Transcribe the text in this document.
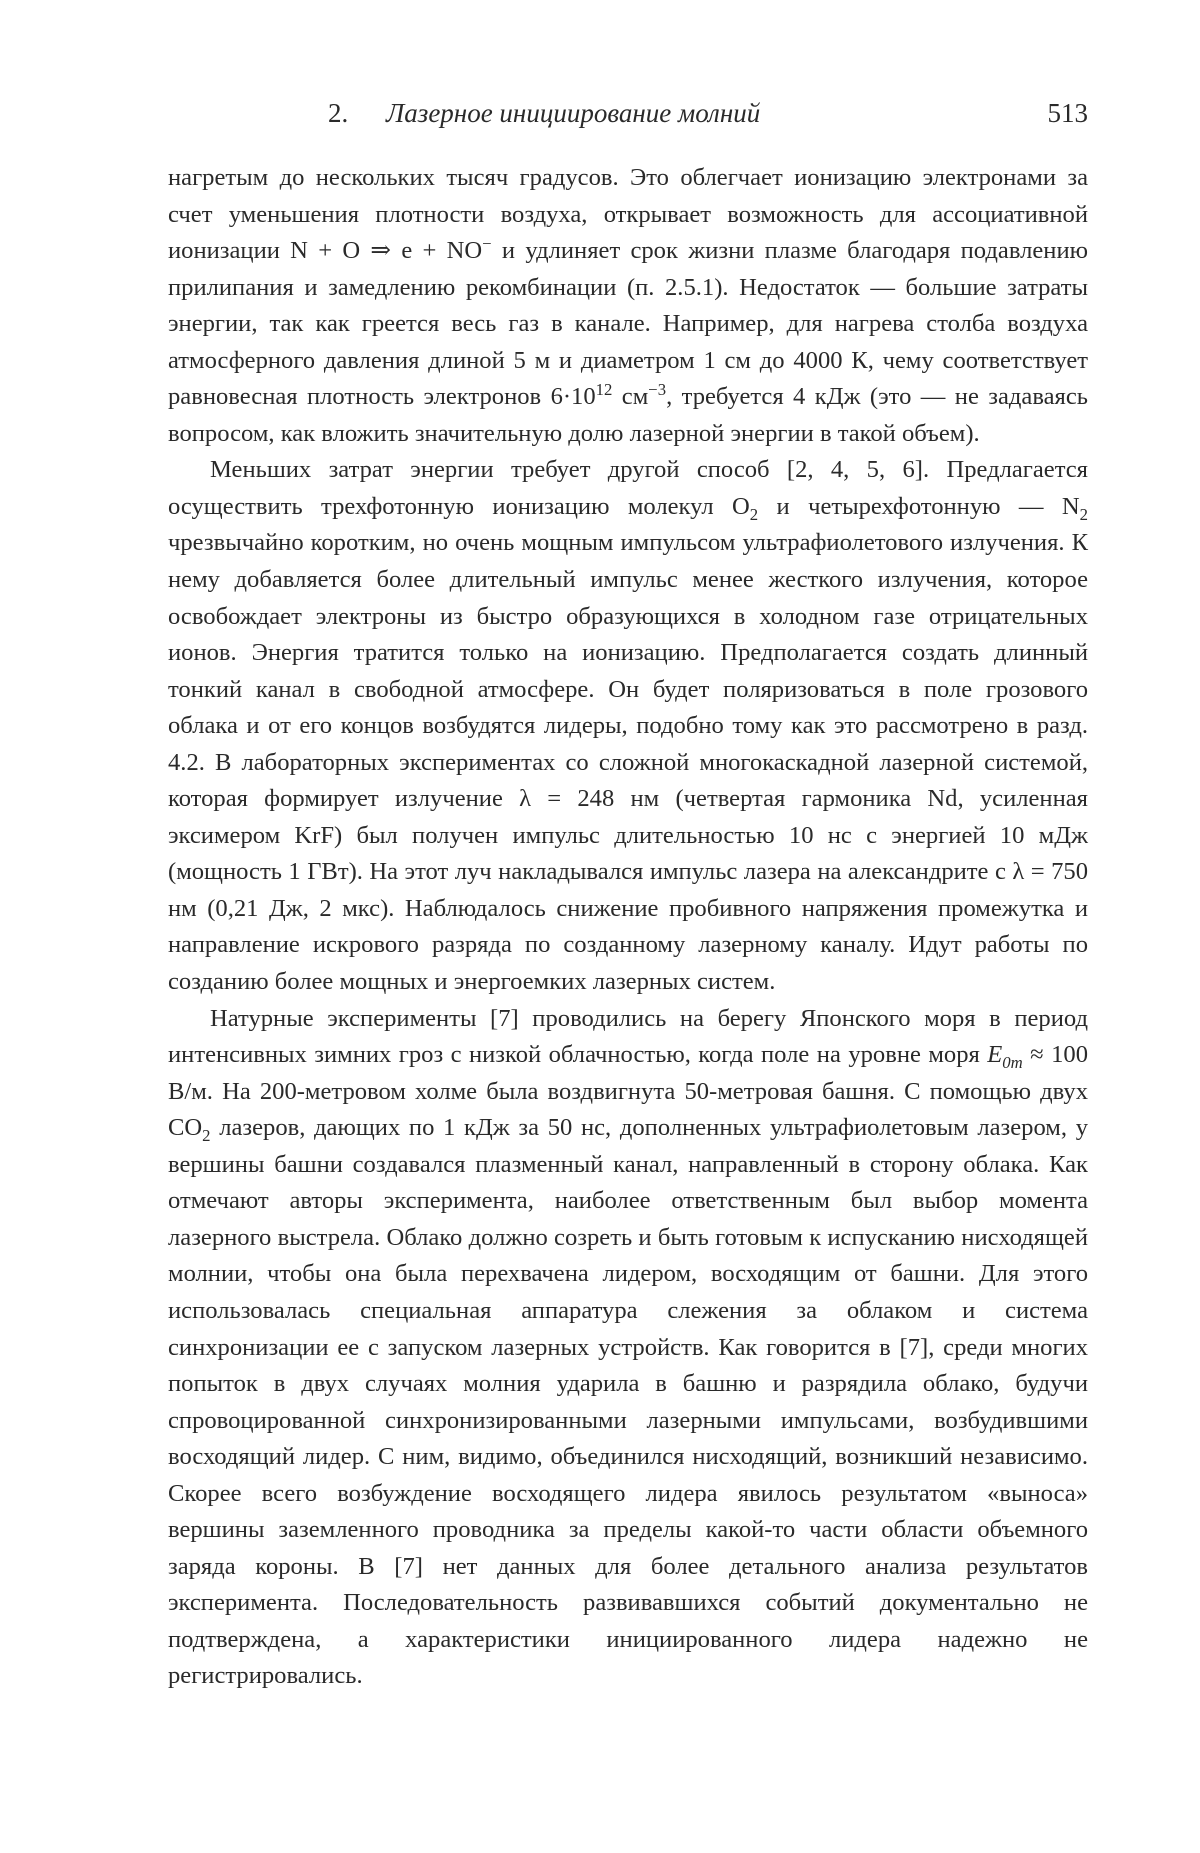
2. Лазерное инициирование молний	513

нагретым до нескольких тысяч градусов. Это облегчает ионизацию электронами за счет уменьшения плотности воздуха, открывает возможность для ассоциативной ионизации N + O ⇒ e + NO− и удлиняет срок жизни плазме благодаря подавлению прилипания и замедлению рекомбинации (п. 2.5.1). Недостаток — большие затраты энергии, так как греется весь газ в канале. Например, для нагрева столба воздуха атмосферного давления длиной 5 м и диаметром 1 см до 4000 К, чему соответствует равновесная плотность электронов 6·1012 см−3, требуется 4 кДж (это — не задаваясь вопросом, как вложить значительную долю лазерной энергии в такой объем).

Меньших затрат энергии требует другой способ [2, 4, 5, 6]. Предлагается осуществить трехфотонную ионизацию молекул O2 и четырехфотонную — N2 чрезвычайно коротким, но очень мощным импульсом ультрафиолетового излучения. К нему добавляется более длительный импульс менее жесткого излучения, которое освобождает электроны из быстро образующихся в холодном газе отрицательных ионов. Энергия тратится только на ионизацию. Предполагается создать длинный тонкий канал в свободной атмосфере. Он будет поляризоваться в поле грозового облака и от его концов возбудятся лидеры, подобно тому как это рассмотрено в разд. 4.2. В лабораторных экспериментах со сложной многокаскадной лазерной системой, которая формирует излучение λ = 248 нм (четвертая гармоника Nd, усиленная эксимером KrF) был получен импульс длительностью 10 нс с энергией 10 мДж (мощность 1 ГВт). На этот луч накладывался импульс лазера на александрите с λ = 750 нм (0,21 Дж, 2 мкс). Наблюдалось снижение пробивного напряжения промежутка и направление искрового разряда по созданному лазерному каналу. Идут работы по созданию более мощных и энергоемких лазерных систем.

Натурные эксперименты [7] проводились на берегу Японского моря в период интенсивных зимних гроз с низкой облачностью, когда поле на уровне моря E0m ≈ 100 В/м. На 200-метровом холме была воздвигнута 50-метровая башня. С помощью двух CO2 лазеров, дающих по 1 кДж за 50 нс, дополненных ультрафиолетовым лазером, у вершины башни создавался плазменный канал, направленный в сторону облака. Как отмечают авторы эксперимента, наиболее ответственным был выбор момента лазерного выстрела. Облако должно созреть и быть готовым к испусканию нисходящей молнии, чтобы она была перехвачена лидером, восходящим от башни. Для этого использовалась специальная аппаратура слежения за облаком и система синхронизации ее с запуском лазерных устройств. Как говорится в [7], среди многих попыток в двух случаях молния ударила в башню и разрядила облако, будучи спровоцированной синхронизированными лазерными импульсами, возбудившими восходящий лидер. С ним, видимо, объединился нисходящий, возникший независимо. Скорее всего возбуждение восходящего лидера явилось результатом «выноса» вершины заземленного проводника за пределы какой-то части области объемного заряда короны. В [7] нет данных для более детального анализа результатов эксперимента. Последовательность развивавшихся событий документально не подтверждена, а характеристики инициированного лидера надежно не регистрировались.
